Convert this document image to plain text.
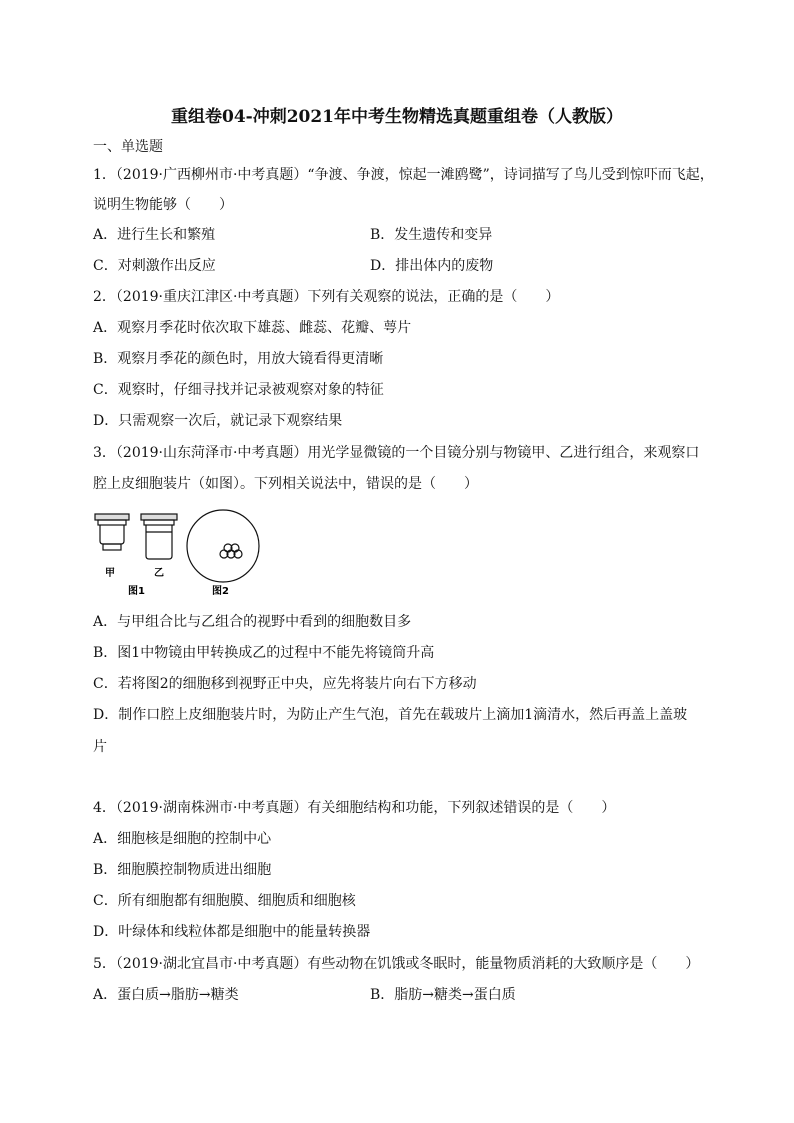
重组卷04-冲刺2021年中考生物精选真题重组卷（人教版）
一、单选题
1．（2019·广西柳州市·中考真题）“争渡、争渡，惊起一滩鸥鹭”，诗词描写了鸟儿受到惊吓而飞起，
说明生物能够（　　）
A．进行生长和繁殖	B．发生遗传和变异
C．对刺激作出反应	D．排出体内的废物
2．（2019·重庆江津区·中考真题）下列有关观察的说法，正确的是（　　）
A．观察月季花时依次取下雄蕊、雌蕊、花瓣、萼片
B．观察月季花的颜色时，用放大镜看得更清晰
C．观察时，仔细寻找并记录被观察对象的特征
D．只需观察一次后，就记录下观察结果
3．（2019·山东菏泽市·中考真题）用光学显微镜的一个目镜分别与物镜甲、乙进行组合，来观察口
腔上皮细胞装片（如图）。下列相关说法中，错误的是（　　）
甲	乙
图1	图2
A．与甲组合比与乙组合的视野中看到的细胞数目多
B．图1中物镜由甲转换成乙的过程中不能先将镜筒升高
C．若将图2的细胞移到视野正中央，应先将装片向右下方移动
D．制作口腔上皮细胞装片时，为防止产生气泡，首先在载玻片上滴加1滴清水，然后再盖上盖玻
片
4．（2019·湖南株洲市·中考真题）有关细胞结构和功能，下列叙述错误的是（　　）
A．细胞核是细胞的控制中心
B．细胞膜控制物质进出细胞
C．所有细胞都有细胞膜、细胞质和细胞核
D．叶绿体和线粒体都是细胞中的能量转换器
5．（2019·湖北宜昌市·中考真题）有些动物在饥饿或冬眠时，能量物质消耗的大致顺序是（　　）
A．蛋白质→脂肪→糖类	B．脂肪→糖类→蛋白质
